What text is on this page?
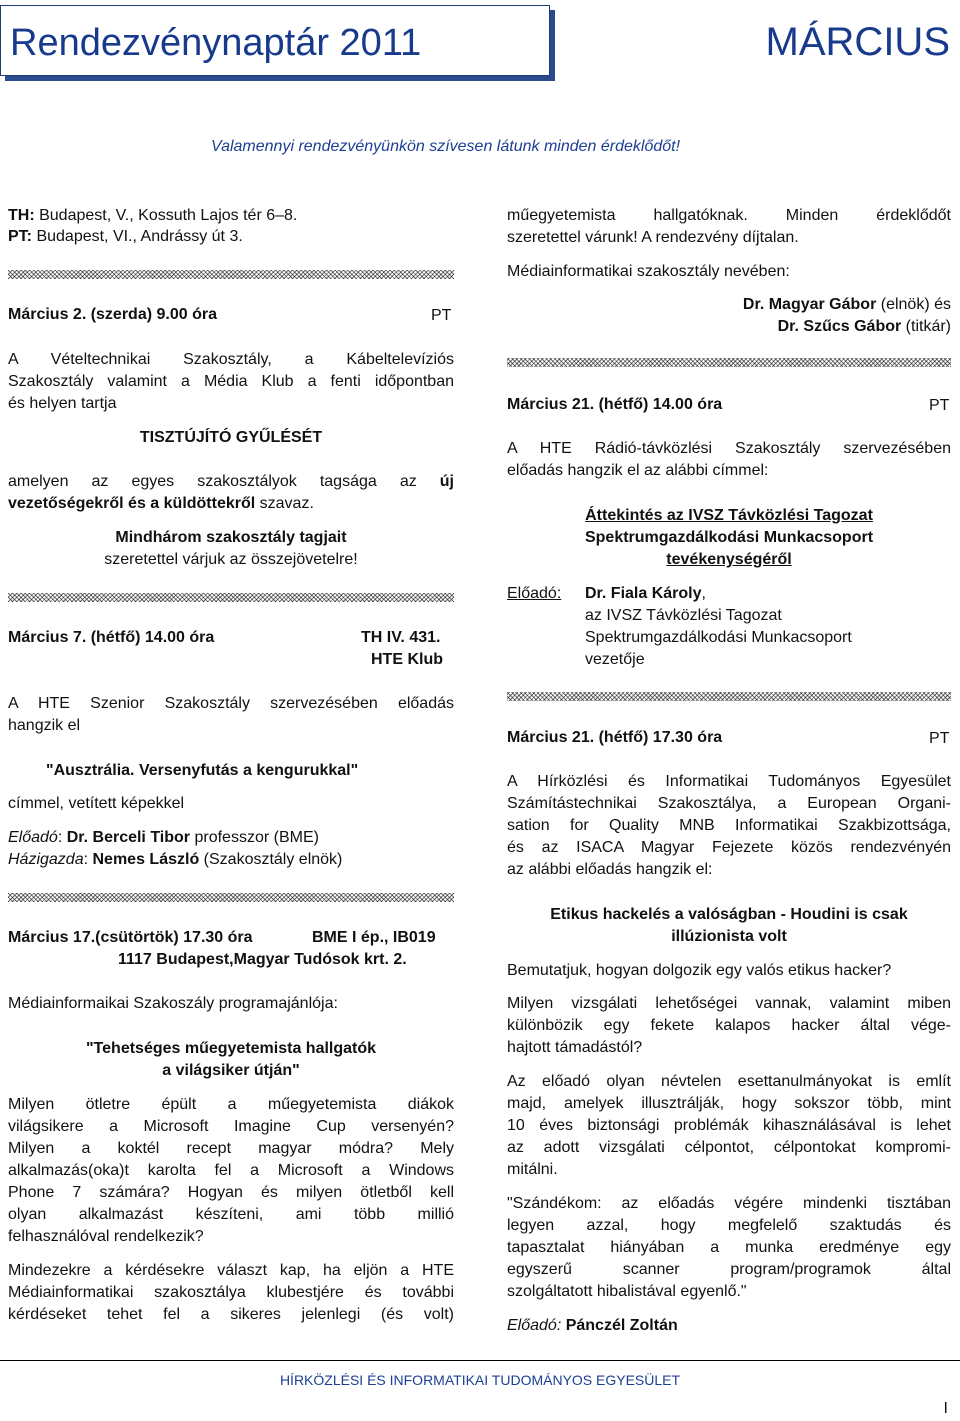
Rendezvénynaptár 2011	MÁRCIUS
Valamennyi rendezvényünkön szívesen látunk minden érdeklődőt!
TH: Budapest, V., Kossuth Lajos tér 6–8.
PT: Budapest, VI., Andrássy út 3.
Március 2. (szerda) 9.00 óra	PT
A Vételtechnikai Szakosztály, a Kábeltelevíziós
Szakosztály valamint a Média Klub a fenti időpontban
és helyen tartja
TISZTÚJÍTÓ GYŰLÉSÉT
amelyen az egyes szakosztályok tagsága az új
vezetőségekről és a küldöttekről szavaz.
Mindhárom szakosztály tagjait
szeretettel várjuk az összejövetelre!
Március 7. (hétfő) 14.00 óra	TH IV. 431.
HTE Klub
A HTE Szenior Szakosztály szervezésében előadás
hangzik el
"Ausztrália. Versenyfutás a kengurukkal"
címmel, vetített képekkel
Előadó: Dr. Berceli Tibor professzor (BME)
Házigazda: Nemes László (Szakosztály elnök)
Március 17.(csütörtök) 17.30 óra	BME I ép., IB019
1117 Budapest,Magyar Tudósok krt. 2.
Médiainformaikai Szakoszály programajánlója:
"Tehetséges műegyetemista hallgatók
a világsiker útján"
Milyen ötletre épült a műegyetemista diákok
világsikere a Microsoft Imagine Cup versenyén?
Milyen a koktél recept magyar módra? Mely
alkalmazás(oka)t karolta fel a Microsoft a Windows
Phone 7 számára? Hogyan és milyen ötletből kell
olyan alkalmazást készíteni, ami több millió
felhasználóval rendelkezik?
Mindezekre a kérdésekre választ kap, ha eljön a HTE
Médiainformatikai szakosztálya klubestjére és további
kérdéseket tehet fel a sikeres jelenlegi (és volt)
műegyetemista hallgatóknak. Minden érdeklődőt
szeretettel várunk! A rendezvény díjtalan.
Médiainformatikai szakosztály nevében:
Dr. Magyar Gábor (elnök) és
Dr. Szűcs Gábor (titkár)
Március 21. (hétfő) 14.00 óra	PT
A HTE Rádió-távközlési Szakosztály szervezésében
előadás hangzik el az alábbi címmel:
Áttekintés az IVSZ Távközlési Tagozat
Spektrumgazdálkodási Munkacsoport
tevékenységéről
Előadó: Dr. Fiala Károly,
az IVSZ Távközlési Tagozat
Spektrumgazdálkodási Munkacsoport
vezetője
Március 21. (hétfő) 17.30 óra	PT
A Hírközlési és Informatikai Tudományos Egyesület
Számítástechnikai Szakosztálya, a European Organi-
sation for Quality MNB Informatikai Szakbizottsága,
és az ISACA Magyar Fejezete közös rendezvényén
az alábbi előadás hangzik el:
Etikus hackelés a valóságban - Houdini is csak
illúzionista volt
Bemutatjuk, hogyan dolgozik egy valós etikus hacker?
Milyen vizsgálati lehetőségei vannak, valamint miben
különbözik egy fekete kalapos hacker által vége-
hajtott támadástól?
Az előadó olyan névtelen esettanulmányokat is említ
majd, amelyek illusztrálják, hogy sokszor több, mint
10 éves biztonsági problémák kihasználásával is lehet
az adott vizsgálati célpontot, célpontokat kompromi-
mitálni.
"Szándékom: az előadás végére mindenki tisztában
legyen azzal, hogy megfelelő szaktudás és
tapasztalat hiányában a munka eredménye egy
egyszerű scanner program/programok által
szolgáltatott hibalistával egyenlő."
Előadó: Pánczél Zoltán
HÍRKÖZLÉSI ÉS INFORMATIKAI TUDOMÁNYOS EGYESÜLET
I
